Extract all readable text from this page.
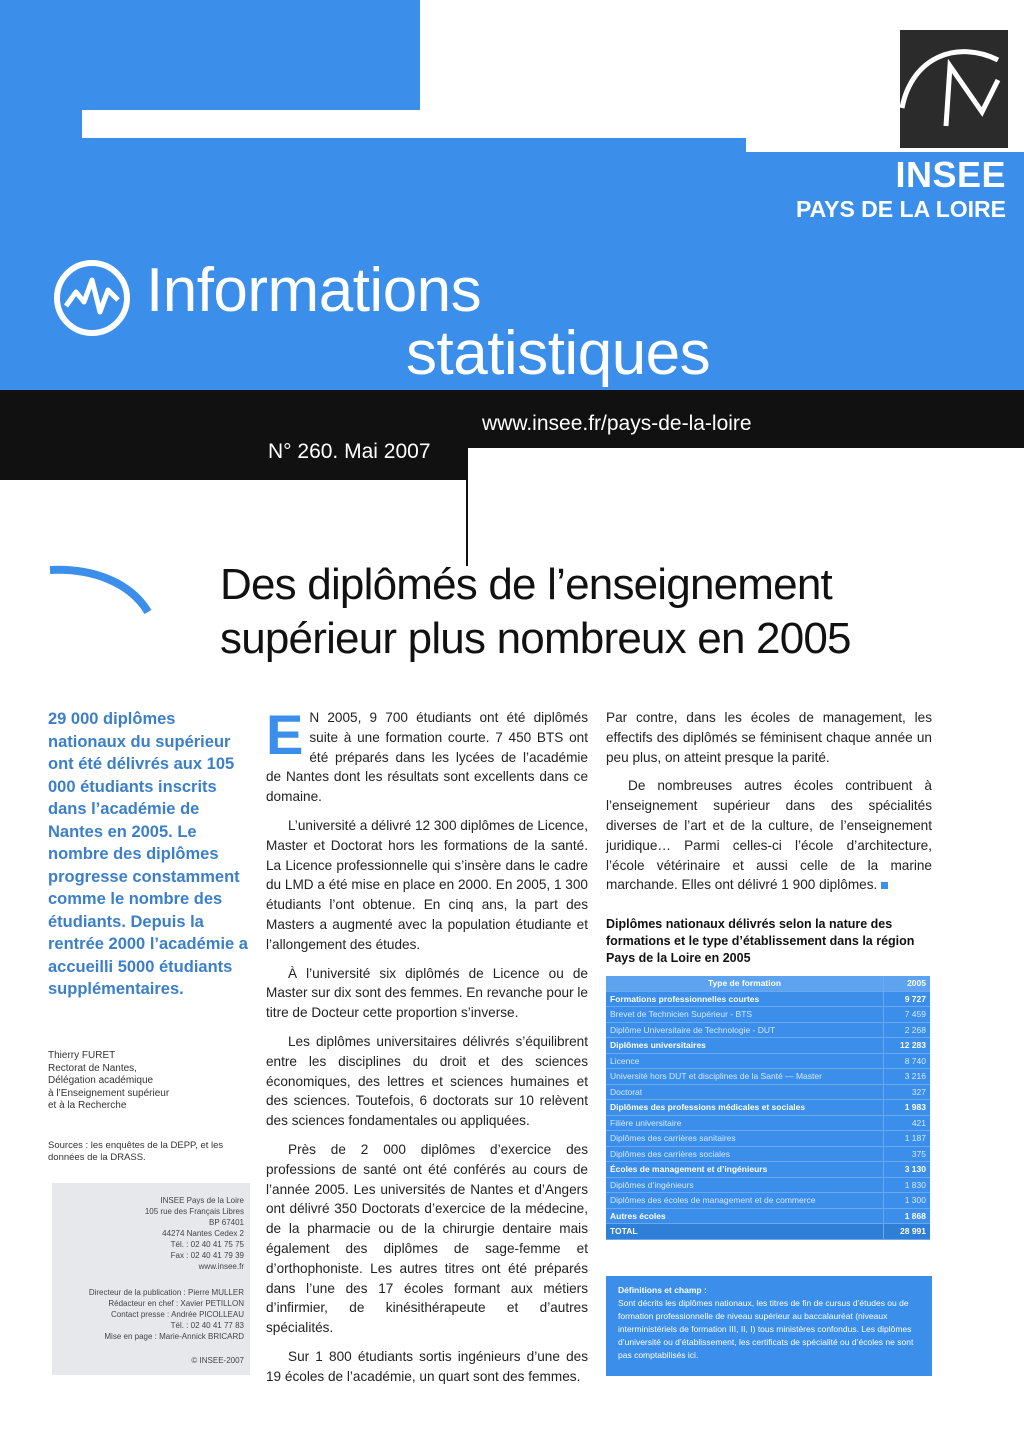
INSEE
PAYS DE LA LOIRE
Informations
statistiques
www.insee.fr/pays-de-la-loire
N° 260. Mai 2007
Des diplômés de l’enseignement
supérieur plus nombreux en 2005
29 000 diplômes nationaux du supérieur ont été délivrés aux 105 000 étudiants inscrits dans l’académie de Nantes en 2005. Le nombre des diplômes progresse constamment comme le nombre des étudiants. Depuis la rentrée 2000 l’académie a accueilli 5000 étudiants supplémentaires.
Thierry FURET
Rectorat de Nantes,
Délégation académique
à l’Enseignement supérieur
et à la Recherche
Sources : les enquêtes de la DEPP, et les données de la DRASS.
INSEE Pays de la Loire
105 rue des Français Libres
BP 67401
44274 Nantes Cedex 2
Tél. : 02 40 41 75 75
Fax : 02 40 41 79 39
www.insee.fr
Directeur de la publication : Pierre MULLER
Rédacteur en chef : Xavier PETILLON
Contact presse : Andrée PICOLLEAU
Tél. : 02 40 41 77 83
Mise en page : Marie-Annick BRICARD
© INSEE-2007

E N 2005, 9 700 étudiants ont été diplômés suite à une formation courte. 7 450 BTS ont été préparés dans les lycées de l’académie de Nantes dont les résultats sont excellents dans ce domaine.

L’université a délivré 12 300 diplômes de Licence, Master et Doctorat hors les formations de la santé. La Licence professionnelle qui s’insère dans le cadre du LMD a été mise en place en 2000. En 2005, 1 300 étudiants l’ont obtenue. En cinq ans, la part des Masters a augmenté avec la population étudiante et l’allongement des études.

À l’université six diplômés de Licence ou de Master sur dix sont des femmes. En revanche pour le titre de Docteur cette proportion s’inverse.

Les diplômes universitaires délivrés s’équilibrent entre les disciplines du droit et des sciences économiques, des lettres et sciences humaines et des sciences. Toutefois, 6 doctorats sur 10 relèvent des sciences fondamentales ou appliquées.

Près de 2 000 diplômes d’exercice des professions de santé ont été conférés au cours de l’année 2005. Les universités de Nantes et d’Angers ont délivré 350 Doctorats d’exercice de la médecine, de la pharmacie ou de la chirurgie dentaire mais également des diplômes de sage-femme et d’orthophoniste. Les autres titres ont été préparés dans l’une des 17 écoles formant aux métiers d’infirmier, de kinésithérapeute et d’autres spécialités.

Sur 1 800 étudiants sortis ingénieurs d’une des 19 écoles de l’académie, un quart sont des femmes.

Par contre, dans les écoles de management, les effectifs des diplômés se féminisent chaque année un peu plus, on atteint presque la parité.

De nombreuses autres écoles contribuent à l’enseignement supérieur dans des spécialités diverses de l’art et de la culture, de l’enseignement juridique… Parmi celles-ci l’école d’architecture, l’école vétérinaire et aussi celle de la marine marchande. Elles ont délivré 1 900 diplômes.

Diplômes nationaux délivrés selon la nature des formations et le type d’établissement dans la région Pays de la Loire en 2005
Type de formation	2005
Formations professionnelles courtes	9 727
Brevet de Technicien Supérieur - BTS	7 459
Diplôme Universitaire de Technologie - DUT	2 268
Diplômes universitaires	12 283
Licence	8 740
Université hors DUT et disciplines de la Santé — Master	3 216
Doctorat	327
Diplômes des professions médicales et sociales	1 983
Filière universitaire	421
Diplômes des carrières sanitaires	1 187
Diplômes des carrières sociales	375
Écoles de management et d’ingénieurs	3 130
Diplômes d’ingénieurs	1 830
Diplômes des écoles de management et de commerce	1 300
Autres écoles	1 868
TOTAL	28 991
Définitions et champ :
Sont décrits les diplômes nationaux, les titres de fin de cursus d’études ou de formation professionnelle de niveau supérieur au baccalauréat (niveaux interministériels de formation III, II, I) tous ministères confondus. Les diplômes d’université ou d’établissement, les certificats de spécialité ou d’écoles ne sont pas comptabilisés ici.
